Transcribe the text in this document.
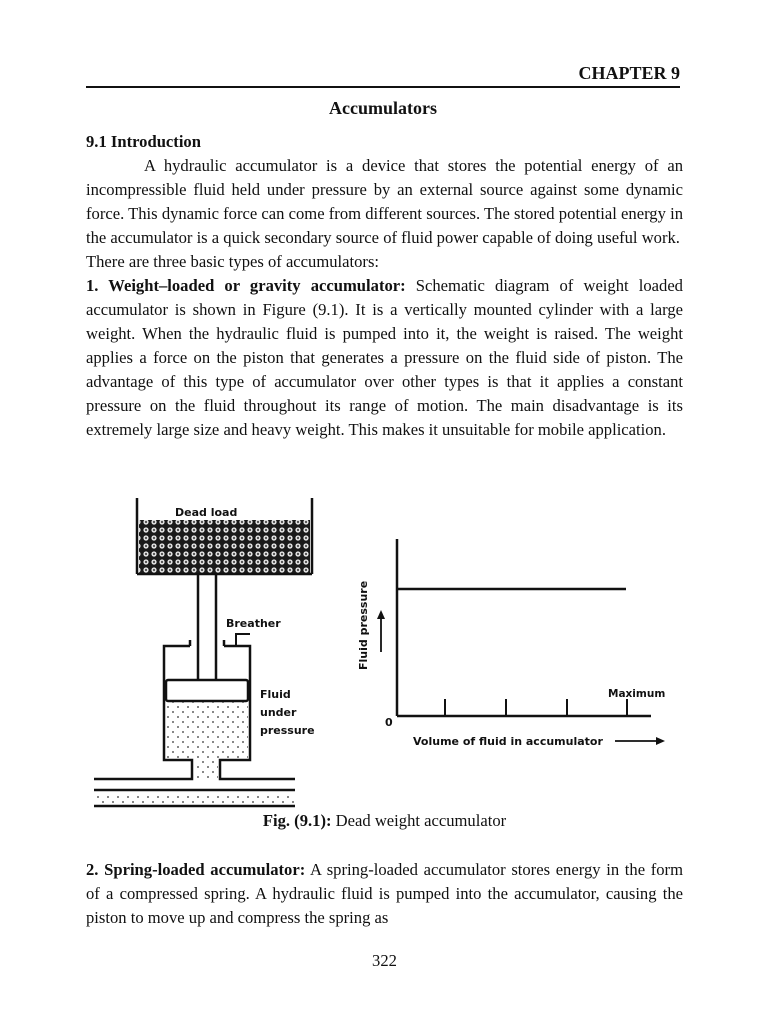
CHAPTER 9
Accumulators
9.1 Introduction
A hydraulic accumulator is a device that stores the potential energy of an incompressible fluid held under pressure by an external source against some dynamic force. This dynamic force can come from different sources. The stored potential energy in the accumulator is a quick secondary source of fluid power capable of doing useful work.
There are three basic types of accumulators:
1. Weight–loaded or gravity accumulator: Schematic diagram of weight loaded accumulator is shown in Figure (9.1). It is a vertically mounted cylinder with a large weight. When the hydraulic fluid is pumped into it, the weight is raised. The weight applies a force on the piston that generates a pressure on the fluid side of piston. The advantage of this type of accumulator over other types is that it applies a constant pressure on the fluid throughout its range of motion. The main disadvantage is its extremely large size and heavy weight. This makes it unsuitable for mobile application.
Dead load
Breather
Fluid
under
pressure
Fluid pressure
0
Maximum
Volume of fluid in accumulator
Fig. (9.1): Dead weight accumulator
2. Spring-loaded accumulator: A spring-loaded accumulator stores energy in the form of a compressed spring. A hydraulic fluid is pumped into the accumulator, causing the piston to move up and compress the spring as
322
